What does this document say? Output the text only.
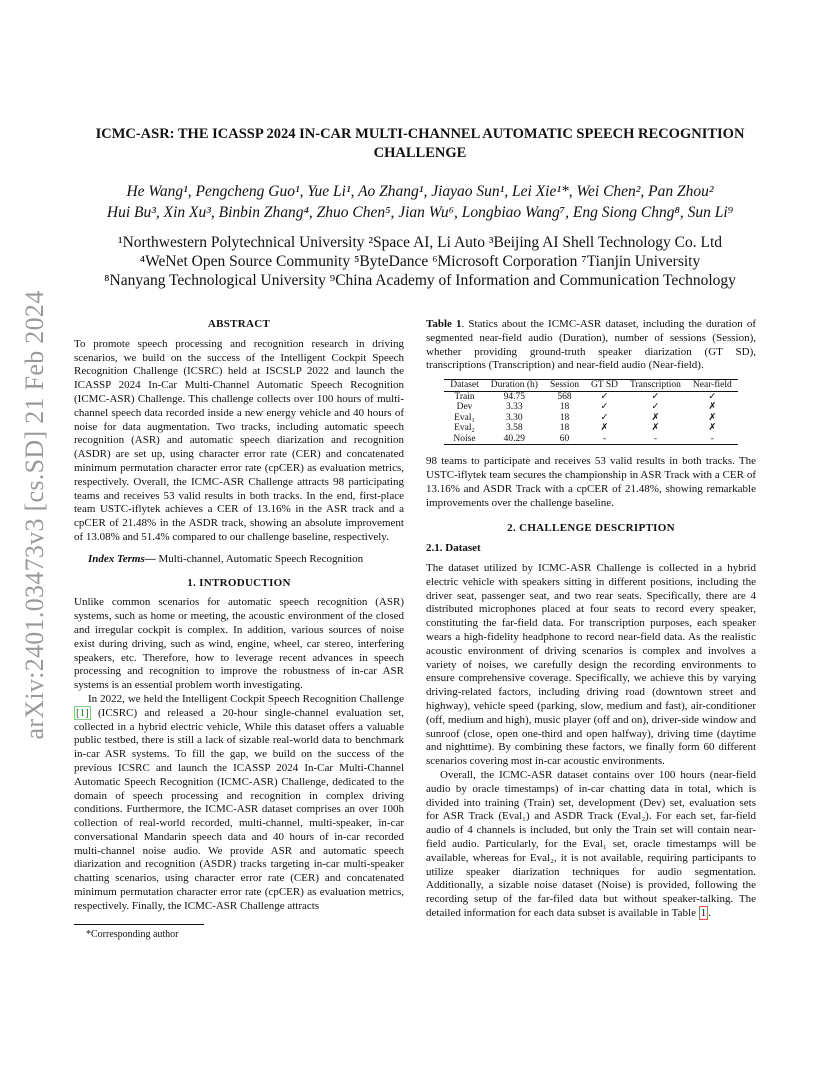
arXiv:2401.03473v3 [cs.SD] 21 Feb 2024
ICMC-ASR: THE ICASSP 2024 IN-CAR MULTI-CHANNEL AUTOMATIC SPEECH RECOGNITION CHALLENGE
He Wang¹, Pengcheng Guo¹, Yue Li¹, Ao Zhang¹, Jiayao Sun¹, Lei Xie¹*, Wei Chen², Pan Zhou²
Hui Bu³, Xin Xu³, Binbin Zhang⁴, Zhuo Chen⁵, Jian Wu⁶, Longbiao Wang⁷, Eng Siong Chng⁸, Sun Li⁹
¹Northwestern Polytechnical University ²Space AI, Li Auto ³Beijing AI Shell Technology Co. Ltd
⁴WeNet Open Source Community ⁵ByteDance ⁶Microsoft Corporation ⁷Tianjin University
⁸Nanyang Technological University ⁹China Academy of Information and Communication Technology
ABSTRACT

To promote speech processing and recognition research in driving scenarios, we build on the success of the Intelligent Cockpit Speech Recognition Challenge (ICSRC) held at ISCSLP 2022 and launch the ICASSP 2024 In-Car Multi-Channel Automatic Speech Recognition (ICMC-ASR) Challenge. This challenge collects over 100 hours of multi-channel speech data recorded inside a new energy vehicle and 40 hours of noise for data augmentation. Two tracks, including automatic speech recognition (ASR) and automatic speech diarization and recognition (ASDR) are set up, using character error rate (CER) and concatenated minimum permutation character error rate (cpCER) as evaluation metrics, respectively. Overall, the ICMC-ASR Challenge attracts 98 participating teams and receives 53 valid results in both tracks. In the end, first-place team USTC-iflytek achieves a CER of 13.16% in the ASR track and a cpCER of 21.48% in the ASDR track, showing an absolute improvement of 13.08% and 51.4% compared to our challenge baseline, respectively.

Index Terms— Multi-channel, Automatic Speech Recognition

1. INTRODUCTION

Unlike common scenarios for automatic speech recognition (ASR) systems, such as home or meeting, the acoustic environment of the closed and irregular cockpit is complex. In addition, various sources of noise exist during driving, such as wind, engine, wheel, car stereo, interfering speakers, etc. Therefore, how to leverage recent advances in speech processing and recognition to improve the robustness of in-car ASR systems is an essential problem worth investigating.

In 2022, we held the Intelligent Cockpit Speech Recognition Challenge [1] (ICSRC) and released a 20-hour single-channel evaluation set, collected in a hybrid electric vehicle, While this dataset offers a valuable public testbed, there is still a lack of sizable real-world data to benchmark in-car ASR systems. To fill the gap, we build on the success of the previous ICSRC and launch the ICASSP 2024 In-Car Multi-Channel Automatic Speech Recognition (ICMC-ASR) Challenge, dedicated to the domain of speech processing and recognition in complex driving conditions. Furthermore, the ICMC-ASR dataset comprises an over 100h collection of real-world recorded, multi-channel, multi-speaker, in-car conversational Mandarin speech data and 40 hours of in-car recorded multi-channel noise audio. We provide ASR and automatic speech diarization and recognition (ASDR) tracks targeting in-car multi-speaker chatting scenarios, using character error rate (CER) and concatenated minimum permutation character error rate (cpCER) as evaluation metrics, respectively. Finally, the ICMC-ASR Challenge attracts

*Corresponding author

Table 1. Statics about the ICMC-ASR dataset, including the duration of segmented near-field audio (Duration), number of sessions (Session), whether providing ground-truth speaker diarization (GT SD), transcriptions (Transcription) and near-field audio (Near-field).

Dataset	Duration (h)	Session	GT SD	Transcription	Near-field
Train	94.75	568	✓	✓	✓
Dev	3.33	18	✓	✓	✗
Eval₁	3.30	18	✓	✗	✗
Eval₂	3.58	18	✗	✗	✗
Noise	40.29	60	-	-	-

98 teams to participate and receives 53 valid results in both tracks. The USTC-iflytek team secures the championship in ASR Track with a CER of 13.16% and ASDR Track with a cpCER of 21.48%, showing remarkable improvements over the challenge baseline.

2. CHALLENGE DESCRIPTION
2.1. Dataset

The dataset utilized by ICMC-ASR Challenge is collected in a hybrid electric vehicle with speakers sitting in different positions, including the driver seat, passenger seat, and two rear seats. Specifically, there are 4 distributed microphones placed at four seats to record every speaker, constituting the far-field data. For transcription purposes, each speaker wears a high-fidelity headphone to record near-field data. As the realistic acoustic environment of driving scenarios is complex and involves a variety of noises, we carefully design the recording environments to ensure comprehensive coverage. Specifically, we achieve this by varying driving-related factors, including driving road (downtown street and highway), vehicle speed (parking, slow, medium and fast), air-conditioner (off, medium and high), music player (off and on), driver-side window and sunroof (close, open one-third and open halfway), driving time (daytime and nighttime). By combining these factors, we finally form 60 different scenarios covering most in-car acoustic environments.

Overall, the ICMC-ASR dataset contains over 100 hours (near-field audio by oracle timestamps) of in-car chatting data in total, which is divided into training (Train) set, development (Dev) set, evaluation sets for ASR Track (Eval₁) and ASDR Track (Eval₂). For each set, far-field audio of 4 channels is included, but only the Train set will contain near-field audio. Particularly, for the Eval₁ set, oracle timestamps will be available, whereas for Eval₂, it is not available, requiring participants to utilize speaker diarization techniques for audio segmentation. Additionally, a sizable noise dataset (Noise) is provided, following the recording setup of the far-filed data but without speaker-talking. The detailed information for each data subset is available in Table 1 .
